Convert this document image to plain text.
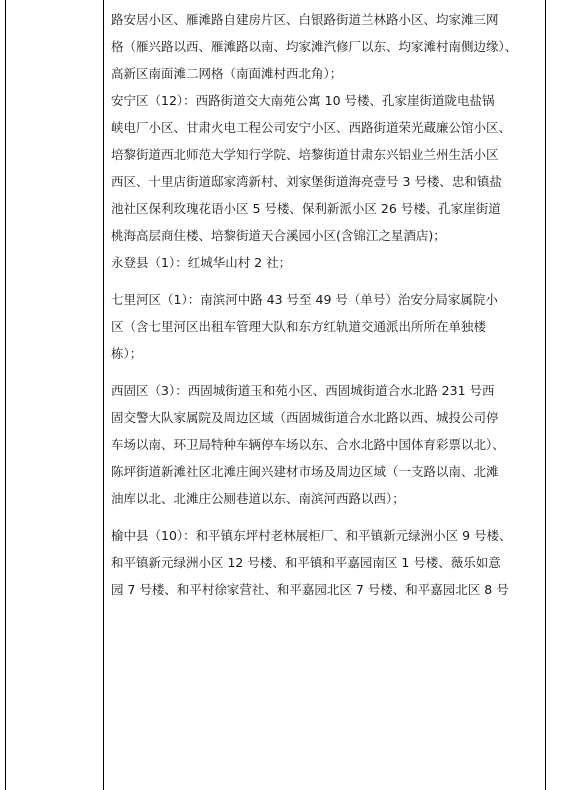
路安居小区、雁滩路自建房片区、白银路街道兰林路小区、均家滩三网
格（雁兴路以西、雁滩路以南、均家滩汽修厂以东、均家滩村南侧边缘）、
高新区南面滩二网格（南面滩村西北角）；
安宁区（12）：西路街道交大南苑公寓 10 号楼、孔家崖街道陇电盐锅
峡电厂小区、甘肃火电工程公司安宁小区、西路街道荣光蔵廉公馆小区、
培黎街道西北师范大学知行学院、培黎街道甘肃东兴铝业兰州生活小区
西区、十里店街道邸家湾新村、刘家堡街道海亮壹号 3 号楼、忠和镇盐
池社区保利玫瑰花语小区 5 号楼、保利新派小区 26 号楼、孔家崖街道
桃海高层商住楼、培黎街道天合溪园小区(含锦江之星酒店)；
永登县（1）：红城华山村 2 社；
七里河区（1）：南滨河中路 43 号至 49 号（单号）治安分局家属院小
区（含七里河区出租车管理大队和东方红轨道交通派出所所在单独楼
栋）；
西固区（3）：西固城街道玉和苑小区、西固城街道合水北路 231 号西
固交警大队家属院及周边区域（西固城街道合水北路以西、城投公司停
车场以南、环卫局特种车辆停车场以东、合水北路中国体育彩票以北）、
陈坪街道新滩社区北滩庄闽兴建材市场及周边区域（一支路以南、北滩
油库以北、北滩庄公厕巷道以东、南滨河西路以西）；
榆中县（10）：和平镇东坪村老林展柜厂、和平镇新元绿洲小区 9 号楼、
和平镇新元绿洲小区 12 号楼、和平镇和平嘉园南区 1 号楼、薇乐如意
园 7 号楼、和平村徐家营社、和平嘉园北区 7 号楼、和平嘉园北区 8 号
